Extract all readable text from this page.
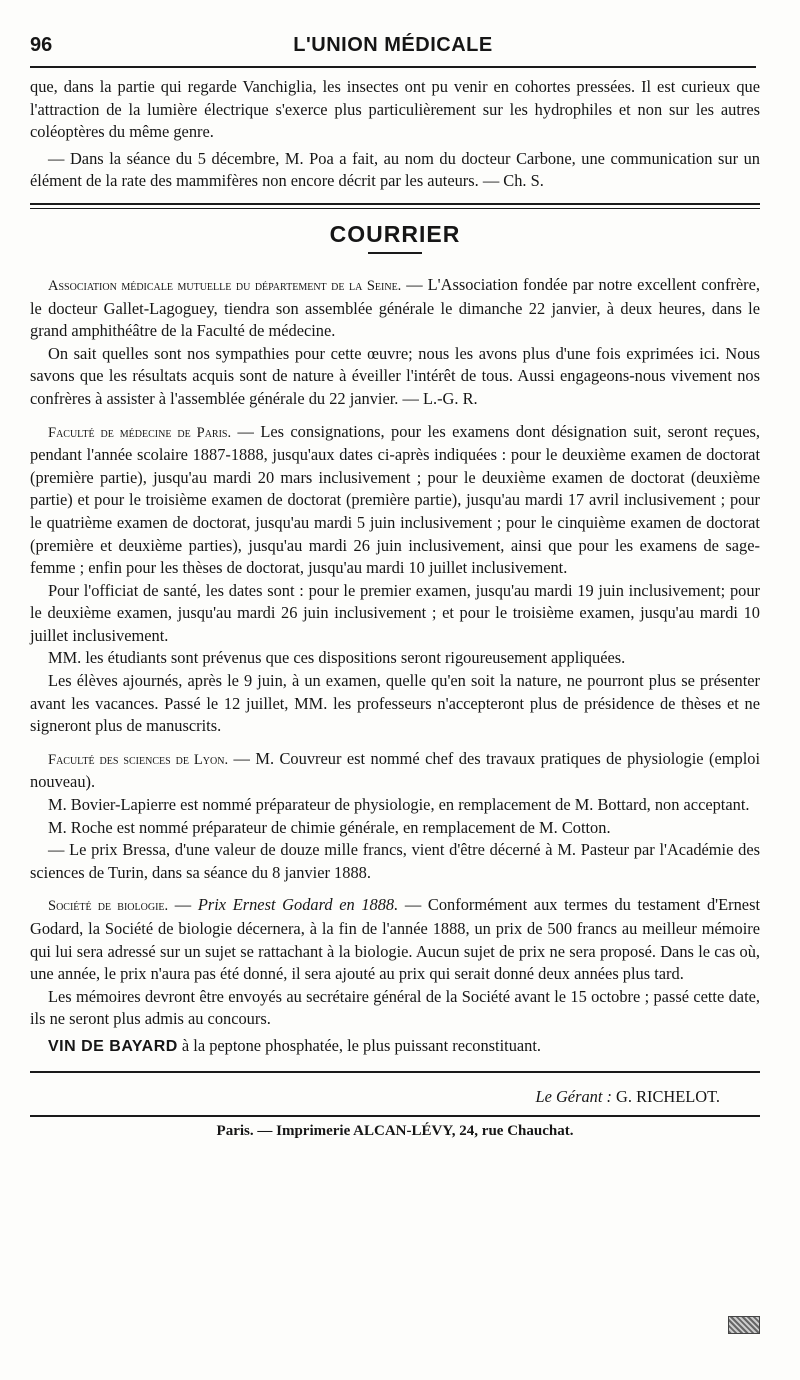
96	L'UNION MÉDICALE

que, dans la partie qui regarde Vanchiglia, les insectes ont pu venir en cohortes pressées. Il est curieux que l'attraction de la lumière électrique s'exerce plus particulièrement sur les hydrophiles et non sur les autres coléoptères du même genre.

— Dans la séance du 5 décembre, M. Poa a fait, au nom du docteur Carbone, une communication sur un élément de la rate des mammifères non encore décrit par les auteurs. — Ch. S.

COURRIER

Association médicale mutuelle du département de la Seine. — L'Association fondée par notre excellent confrère, le docteur Gallet-Lagoguey, tiendra son assemblée générale le dimanche 22 janvier, à deux heures, dans le grand amphithéâtre de la Faculté de médecine.

On sait quelles sont nos sympathies pour cette œuvre; nous les avons plus d'une fois exprimées ici. Nous savons que les résultats acquis sont de nature à éveiller l'intérêt de tous. Aussi engageons-nous vivement nos confrères à assister à l'assemblée générale du 22 janvier. — L.-G. R.

Faculté de médecine de Paris. — Les consignations, pour les examens dont désignation suit, seront reçues, pendant l'année scolaire 1887-1888, jusqu'aux dates ci-après indiquées : pour le deuxième examen de doctorat (première partie), jusqu'au mardi 20 mars inclusivement ; pour le deuxième examen de doctorat (deuxième partie) et pour le troisième examen de doctorat (première partie), jusqu'au mardi 17 avril inclusivement ; pour le quatrième examen de doctorat, jusqu'au mardi 5 juin inclusivement ; pour le cinquième examen de doctorat (première et deuxième parties), jusqu'au mardi 26 juin inclusivement, ainsi que pour les examens de sage-femme ; enfin pour les thèses de doctorat, jusqu'au mardi 10 juillet inclusivement.

Pour l'officiat de santé, les dates sont : pour le premier examen, jusqu'au mardi 19 juin inclusivement; pour le deuxième examen, jusqu'au mardi 26 juin inclusivement ; et pour le troisième examen, jusqu'au mardi 10 juillet inclusivement.

MM. les étudiants sont prévenus que ces dispositions seront rigoureusement appliquées.

Les élèves ajournés, après le 9 juin, à un examen, quelle qu'en soit la nature, ne pourront plus se présenter avant les vacances. Passé le 12 juillet, MM. les professeurs n'accepteront plus de présidence de thèses et ne signeront plus de manuscrits.

Faculté des sciences de Lyon. — M. Couvreur est nommé chef des travaux pratiques de physiologie (emploi nouveau).

M. Bovier-Lapierre est nommé préparateur de physiologie, en remplacement de M. Bottard, non acceptant.

M. Roche est nommé préparateur de chimie générale, en remplacement de M. Cotton.

— Le prix Bressa, d'une valeur de douze mille francs, vient d'être décerné à M. Pasteur par l'Académie des sciences de Turin, dans sa séance du 8 janvier 1888.

Société de biologie. — Prix Ernest Godard en 1888. — Conformément aux termes du testament d'Ernest Godard, la Société de biologie décernera, à la fin de l'année 1888, un prix de 500 francs au meilleur mémoire qui lui sera adressé sur un sujet se rattachant à la biologie. Aucun sujet de prix ne sera proposé. Dans le cas où, une année, le prix n'aura pas été donné, il sera ajouté au prix qui serait donné deux années plus tard.

Les mémoires devront être envoyés au secrétaire général de la Société avant le 15 octobre ; passé cette date, ils ne seront plus admis au concours.

VIN DE BAYARD à la peptone phosphatée, le plus puissant reconstituant.

Le Gérant : G. RICHELOT.
Paris. — Imprimerie ALCAN-LÉVY, 24, rue Chauchat.
